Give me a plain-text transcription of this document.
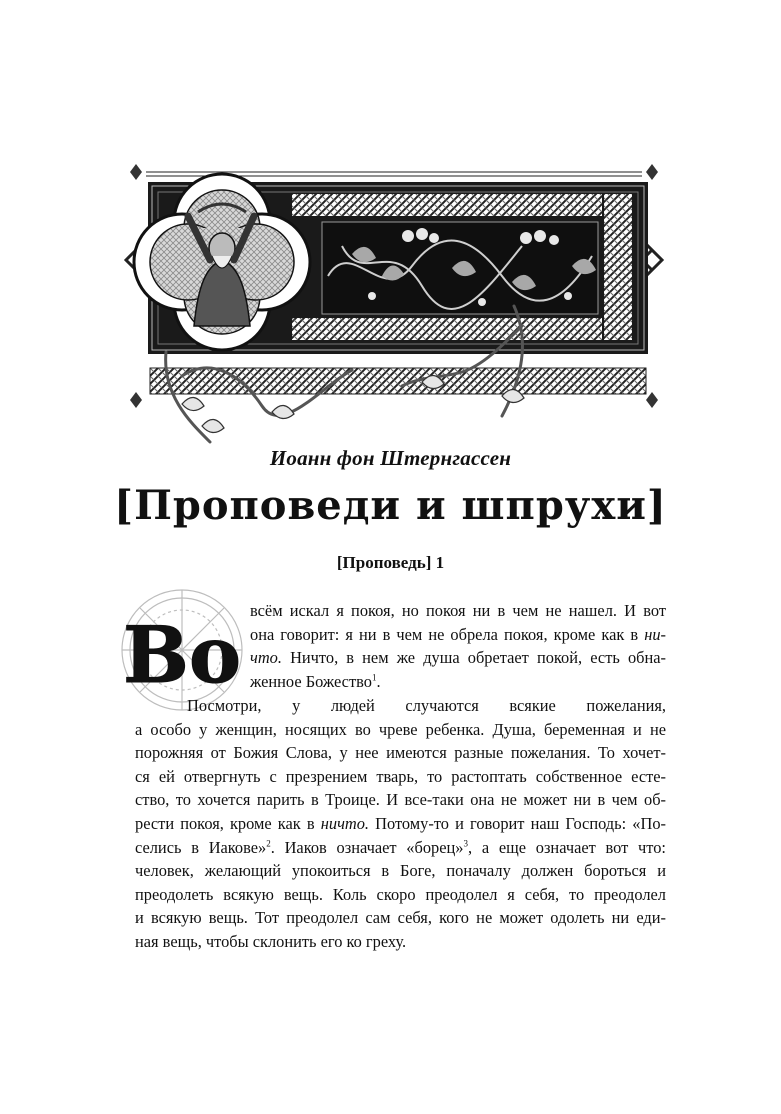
Иоанн фон Штернгассен
[Проповеди и шпрухи]
[Проповедь] 1
Во всём искал я покоя, но покоя ни в чем не нашел. И вот
она говорит: я ни в чем не обрела покоя, кроме как в ни-
что. Ничто, в нем же душа обретает покой, есть обна-
женное Божество$^1$.
Посмотри, у людей случаются всякие пожелания,
а особо у женщин, носящих во чреве ребенка. Душа, беременная и не
порожняя от Божия Слова, у нее имеются разные пожелания. То хочет-
ся ей отвергнуть с презрением тварь, то растоптать собственное есте-
ство, то хочется парить в Троице. И все-таки она не может ни в чем об-
рести покоя, кроме как в ничто. Потому-то и говорит наш Господь: «По-
селись в Иакове»$^2$. Иаков означает «борец»$^3$, а еще означает вот что:
человек, желающий упокоиться в Боге, поначалу должен бороться и
преодолеть всякую вещь. Коль скоро преодолел я себя, то преодолел
и всякую вещь. Тот преодолел сам себя, кого не может одолеть ни еди-
ная вещь, чтобы склонить его ко греху.
